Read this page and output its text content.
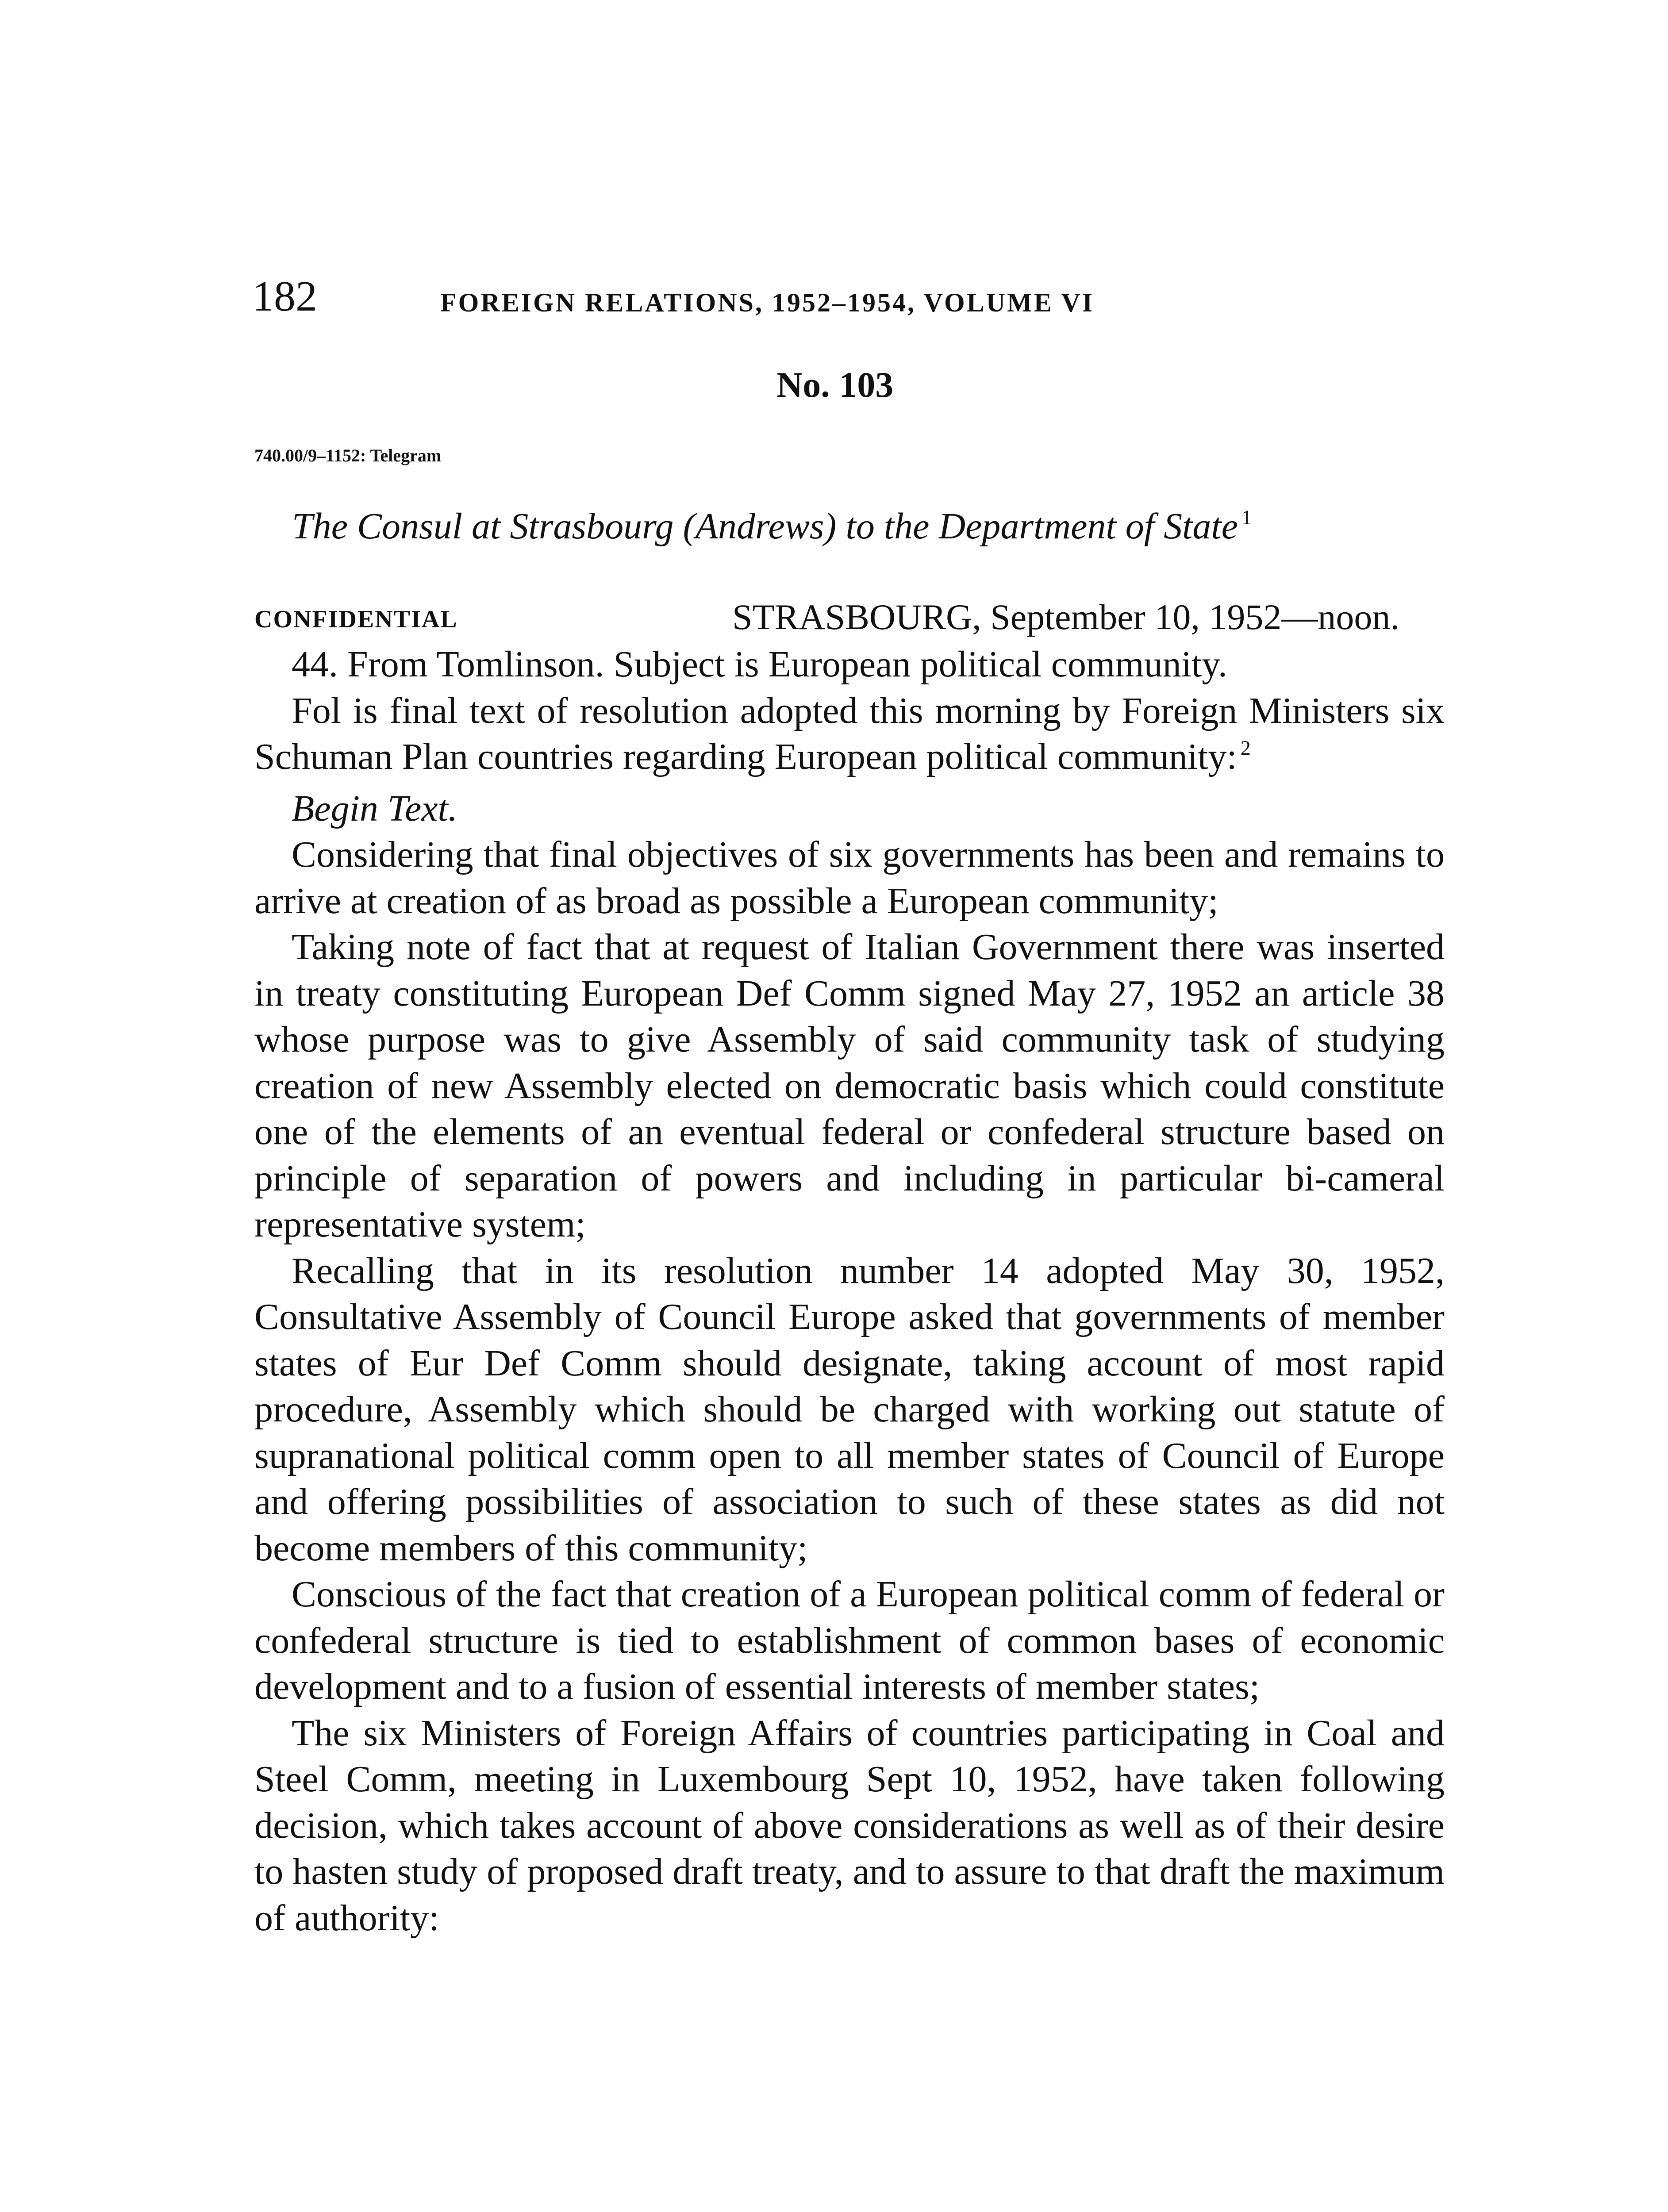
182	FOREIGN RELATIONS, 1952–1954, VOLUME VI
No. 103
740.00/9–1152: Telegram
The Consul at Strasbourg (Andrews) to the Department of State $^1$
CONFIDENTIAL	STRASBOURG, September 10, 1952—noon.

44. From Tomlinson. Subject is European political community.

Fol is final text of resolution adopted this morning by Foreign Ministers six Schuman Plan countries regarding European political community: $^2$

Begin Text.

Considering that final objectives of six governments has been and remains to arrive at creation of as broad as possible a European community;

Taking note of fact that at request of Italian Government there was inserted in treaty constituting European Def Comm signed May 27, 1952 an article 38 whose purpose was to give Assembly of said community task of studying creation of new Assembly elected on democratic basis which could constitute one of the elements of an eventual federal or confederal structure based on principle of separation of powers and including in particular bi-cameral representative system;

Recalling that in its resolution number 14 adopted May 30, 1952, Consultative Assembly of Council Europe asked that governments of member states of Eur Def Comm should designate, taking account of most rapid procedure, Assembly which should be charged with working out statute of supranational political comm open to all member states of Council of Europe and offering possibilities of association to such of these states as did not become members of this community;

Conscious of the fact that creation of a European political comm of federal or confederal structure is tied to establishment of common bases of economic development and to a fusion of essential interests of member states;

The six Ministers of Foreign Affairs of countries participating in Coal and Steel Comm, meeting in Luxembourg Sept 10, 1952, have taken following decision, which takes account of above considerations as well as of their desire to hasten study of proposed draft treaty, and to assure to that draft the maximum of authority:
